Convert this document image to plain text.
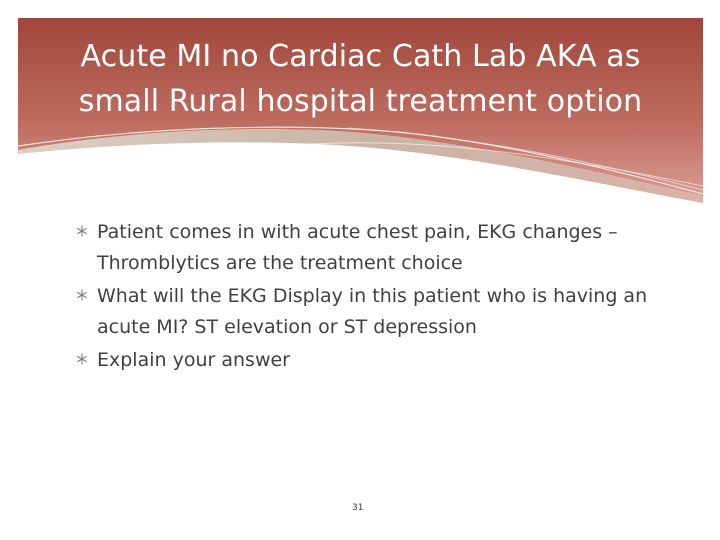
Acute MI no Cardiac Cath Lab AKA as
small Rural hospital treatment option
Patient comes in with acute chest pain, EKG changes – Thromblytics are the treatment choice
What will the EKG Display in this patient who is having an acute MI? ST elevation or ST depression
Explain your answer
31
